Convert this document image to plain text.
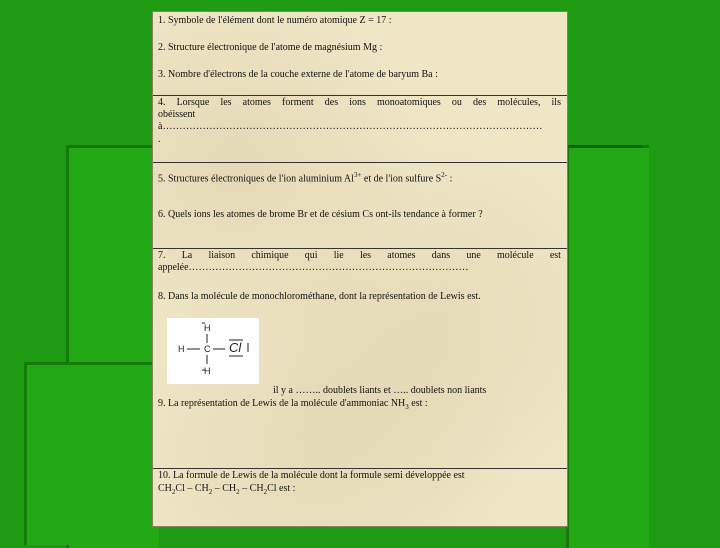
1. Symbole de l'élément dont le numéro atomique Z = 17 :
2. Structure électronique de l'atome de magnésium Mg :
3. Nombre d'électrons de la couche externe de l'atome de baryum Ba :
4. Lorsque les atomes forment des ions monoatomiques ou des molécules, ils
obéissent
à……………………………………………………………………………………………………
.
5. Structures électroniques de l'ion aluminium $Al^{3+}$ et de l'ion sulfure $S^{2-}$ :
6. Quels ions les atomes de brome Br et de césium Cs ont-ils tendance à former ?
7. La liaison chimique qui lie les atomes dans une molécule est
appelée…………………………………………………………………………
8. Dans la molécule de monochlorométhane, dont la représentation de Lewis est.
H
H
H
C Cl
il y a …….. doublets liants et ….. doublets non liants
9. La représentation de Lewis de la molécule d'ammoniac $NH_3$ est :
10. La formule de Lewis de la molécule dont la formule semi développée est
$CH_2Cl - CH_2 - CH_2 - CH_2Cl$ est :
